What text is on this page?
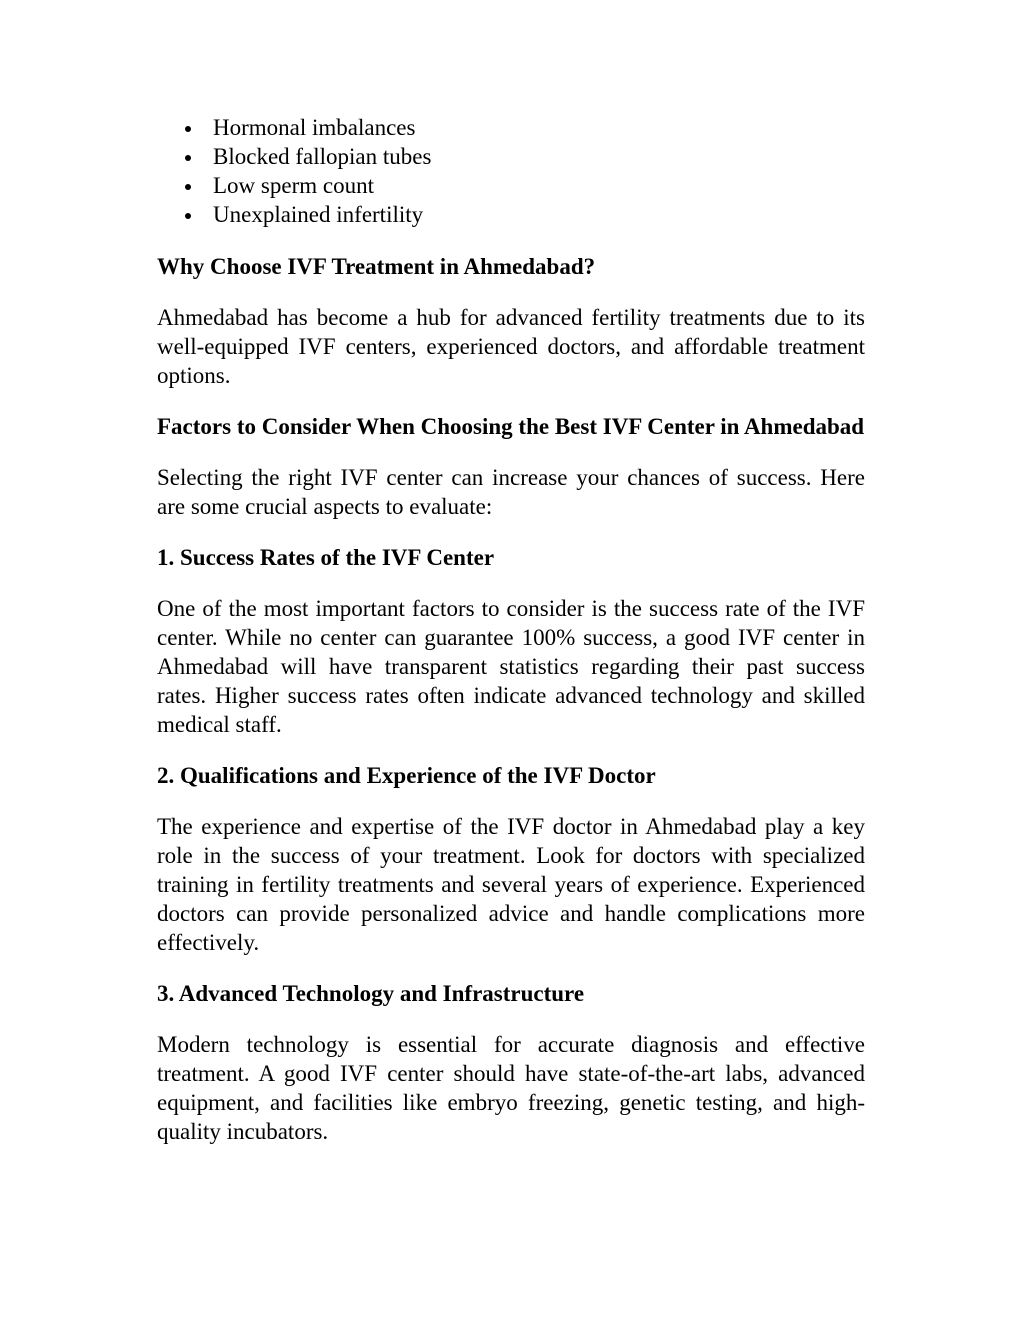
Hormonal imbalances
Blocked fallopian tubes
Low sperm count
Unexplained infertility
Why Choose IVF Treatment in Ahmedabad?

Ahmedabad has become a hub for advanced fertility treatments due to its well-equipped IVF centers, experienced doctors, and affordable treatment options.

Factors to Consider When Choosing the Best IVF Center in Ahmedabad

Selecting the right IVF center can increase your chances of success. Here are some crucial aspects to evaluate:

1. Success Rates of the IVF Center

One of the most important factors to consider is the success rate of the IVF center. While no center can guarantee 100% success, a good IVF center in Ahmedabad will have transparent statistics regarding their past success rates. Higher success rates often indicate advanced technology and skilled medical staff.

2. Qualifications and Experience of the IVF Doctor

The experience and expertise of the IVF doctor in Ahmedabad play a key role in the success of your treatment. Look for doctors with specialized training in fertility treatments and several years of experience. Experienced doctors can provide personalized advice and handle complications more effectively.

3. Advanced Technology and Infrastructure

Modern technology is essential for accurate diagnosis and effective treatment. A good IVF center should have state-of-the-art labs, advanced equipment, and facilities like embryo freezing, genetic testing, and high-quality incubators.
